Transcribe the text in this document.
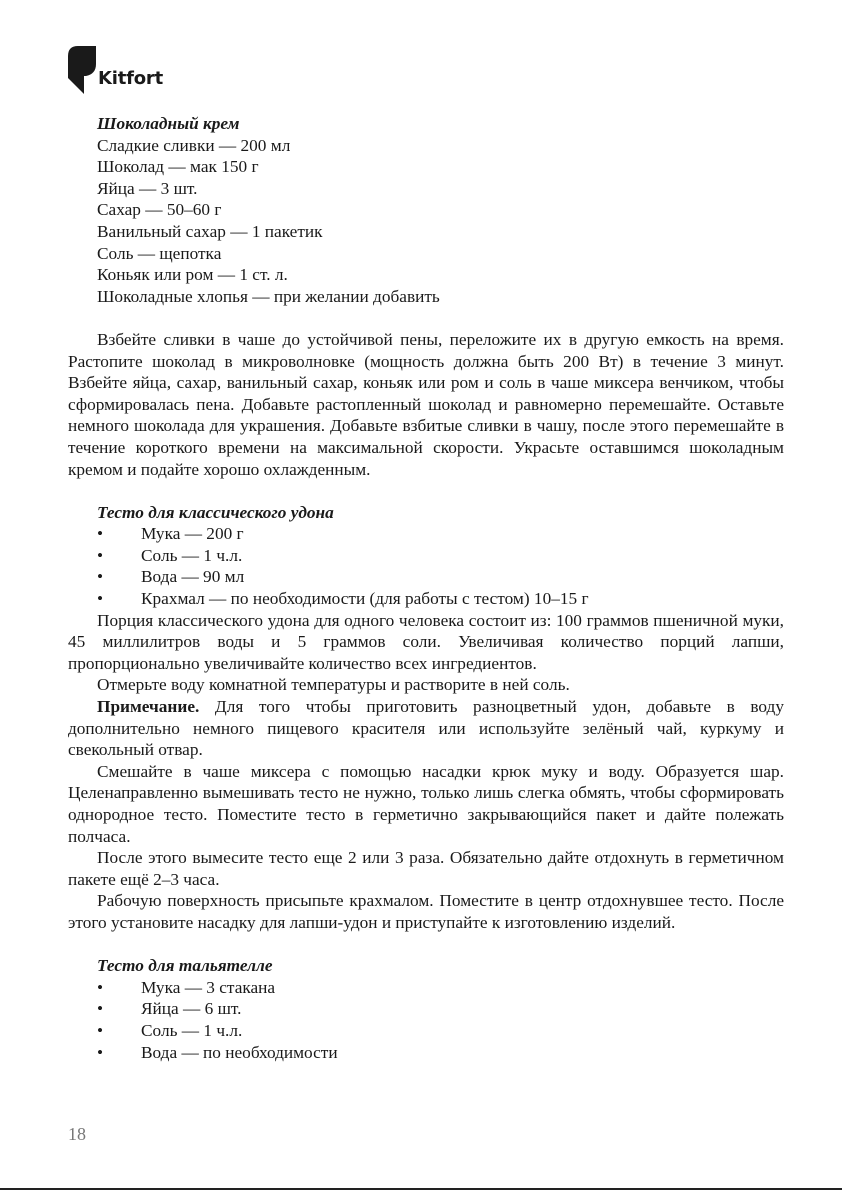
Kitfort
Шоколадный крем
Сладкие сливки — 200 мл
Шоколад — мак 150 г
Яйца — 3 шт.
Сахар — 50–60 г
Ванильный сахар — 1 пакетик
Соль — щепотка
Коньяк или ром — 1 ст. л.
Шоколадные хлопья — при желании добавить

Взбейте сливки в чаше до устойчивой пены, переложите их в другую емкость на время. Растопите шоколад в микроволновке (мощность должна быть 200 Вт) в течение 3 минут. Взбейте яйца, сахар, ванильный сахар, коньяк или ром и соль в чаше миксера венчиком, чтобы сформировалась пена. Добавьте растопленный шоколад и равномерно перемешайте. Оставьте немного шоколада для украшения. Добавьте взбитые сливки в чашу, после этого перемешайте в течение короткого времени на максимальной скорости. Украсьте оставшимся шоколадным кремом и подайте хорошо охлажденным.

Тесто для классического удона
• Мука — 200 г
• Соль — 1 ч.л.
• Вода — 90 мл
• Крахмал — по необходимости (для работы с тестом) 10–15 г

Порция классического удона для одного человека состоит из: 100 граммов пшеничной муки, 45 миллилитров воды и 5 граммов соли. Увеличивая количество порций лапши, пропорционально увеличивайте количество всех ингредиентов.

Отмерьте воду комнатной температуры и растворите в ней соль.

Примечание. Для того чтобы приготовить разноцветный удон, добавьте в воду дополнительно немного пищевого красителя или используйте зелёный чай, куркуму и свекольный отвар.

Смешайте в чаше миксера с помощью насадки крюк муку и воду. Образуется шар. Целенаправленно вымешивать тесто не нужно, только лишь слегка обмять, чтобы сформировать однородное тесто. Поместите тесто в герметично закрывающийся пакет и дайте полежать полчаса.

После этого вымесите тесто еще 2 или 3 раза. Обязательно дайте отдохнуть в герметичном пакете ещё 2–3 часа.

Рабочую поверхность присыпьте крахмалом. Поместите в центр отдохнувшее тесто. После этого установите насадку для лапши-удон и приступайте к изготовлению изделий.

Тесто для тальятелле
• Мука — 3 стакана
• Яйца — 6 шт.
• Соль — 1 ч.л.
• Вода — по необходимости
18
